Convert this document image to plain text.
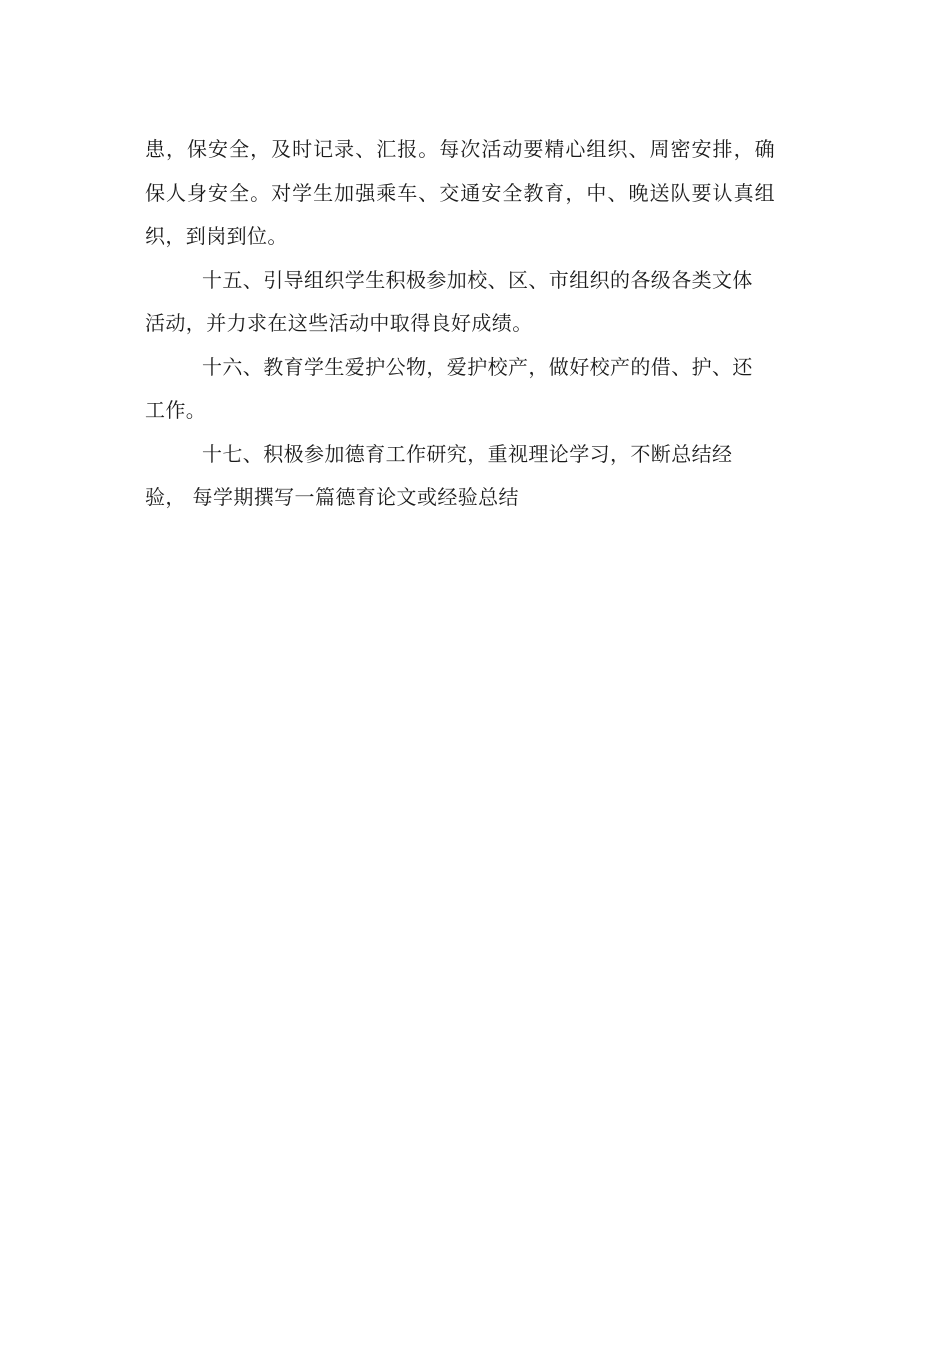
患，保安全，及时记录、汇报。每次活动要精心组织、周密安排，确
保人身安全。对学生加强乘车、交通安全教育，中、晚送队要认真组
织，到岗到位。
十五、引导组织学生积极参加校、区、市组织的各级各类文体
活动，并力求在这些活动中取得良好成绩。
十六、教育学生爱护公物，爱护校产，做好校产的借、护、还
工作。
十七、积极参加德育工作研究，重视理论学习，不断总结经
验， 每学期撰写一篇德育论文或经验总结
